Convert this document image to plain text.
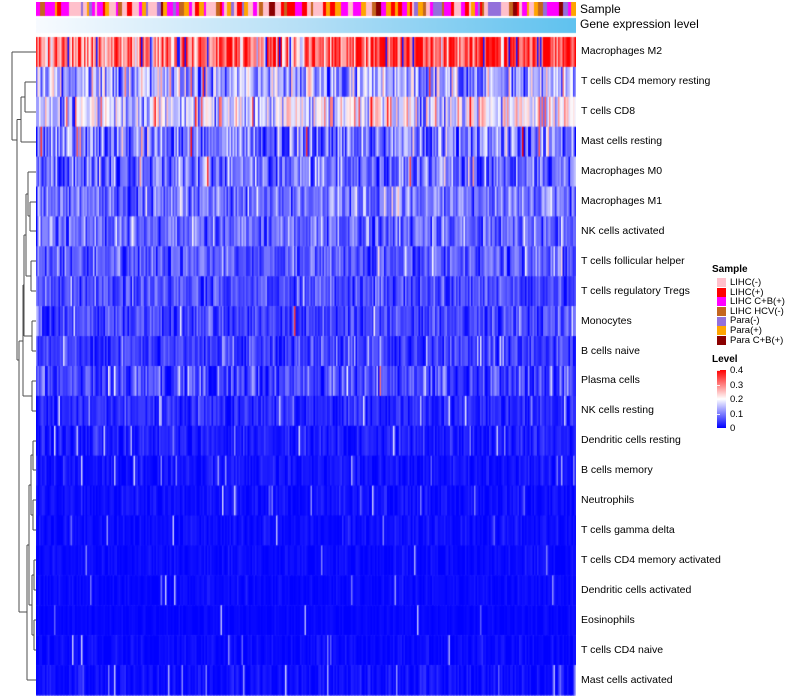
Sample
Gene expression level
Macrophages M2
T cells CD4 memory resting
T cells CD8
Mast cells resting
Macrophages M0
Macrophages M1
NK cells activated
T cells follicular helper
T cells regulatory Tregs
Monocytes
B cells naive
Plasma cells
NK cells resting
Dendritic cells resting
B cells memory
Neutrophils
T cells gamma delta
T cells CD4 memory activated
Dendritic cells activated
Eosinophils
T cells CD4 naive
Mast cells activated
Sample
LIHC(-)
LIHC(+)
LIHC C+B(+)
LIHC HCV(-)
Para(-)
Para(+)
Para C+B(+)
Level
0.4
0.3
0.2
0.1
0
